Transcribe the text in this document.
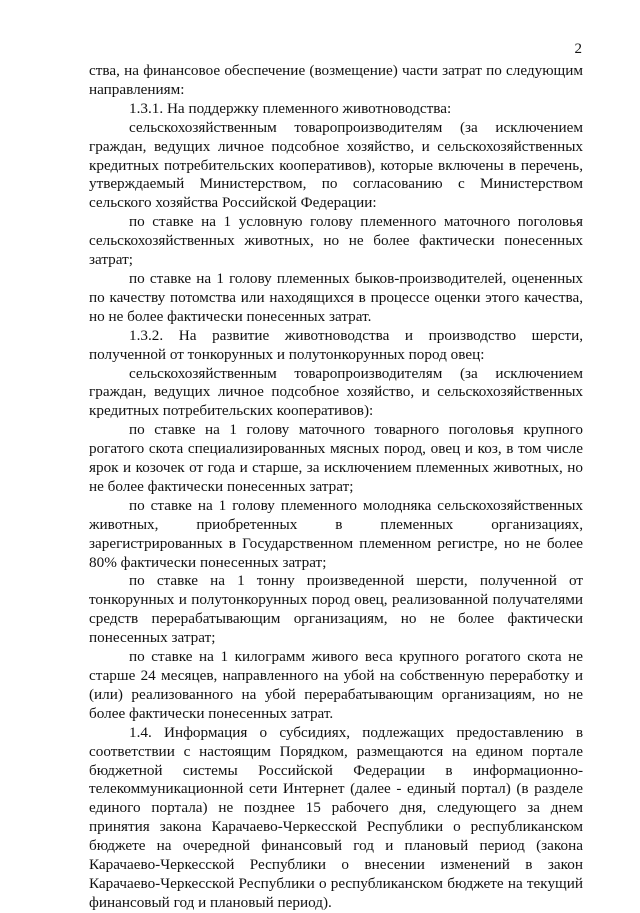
2

ства, на финансовое обеспечение (возмещение) части затрат по следующим направлениям:

1.3.1. На поддержку племенного животноводства:

сельскохозяйственным товаропроизводителям (за исключением граждан, ведущих личное подсобное хозяйство, и сельскохозяйственных кредитных потребительских кооперативов), которые включены в перечень, утверждаемый Министерством, по согласованию с Министерством сельского хозяйства Российской Федерации:

по ставке на 1 условную голову племенного маточного поголовья сельскохозяйственных животных, но не более фактически понесенных затрат;

по ставке на 1 голову племенных быков-производителей, оцененных по качеству потомства или находящихся в процессе оценки этого качества, но не более фактически понесенных затрат.

1.3.2. На развитие животноводства и производство шерсти, полученной от тонкорунных и полутонкорунных пород овец:

сельскохозяйственным товаропроизводителям (за исключением граждан, ведущих личное подсобное хозяйство, и сельскохозяйственных кредитных потребительских кооперативов):

по ставке на 1 голову маточного товарного поголовья крупного рогатого скота специализированных мясных пород, овец и коз, в том числе ярок и козочек от года и старше, за исключением племенных животных, но не более фактически понесенных затрат;

по ставке на 1 голову племенного молодняка сельскохозяйственных животных, приобретенных в племенных организациях, зарегистрированных в Государственном племенном регистре, но не более 80% фактически понесенных затрат;

по ставке на 1 тонну произведенной шерсти, полученной от тонкорунных и полутонкорунных пород овец, реализованной получателями средств перерабатывающим организациям, но не более фактически понесенных затрат;

по ставке на 1 килограмм живого веса крупного рогатого скота не старше 24 месяцев, направленного на убой на собственную переработку и (или) реализованного на убой перерабатывающим организациям, но не более фактически понесенных затрат.

1.4. Информация о субсидиях, подлежащих предоставлению в соответствии с настоящим Порядком, размещаются на едином портале бюджетной системы Российской Федерации в информационно-телекоммуникационной сети Интернет (далее - единый портал) (в разделе единого портала) не позднее 15 рабочего дня, следующего за днем принятия закона Карачаево-Черкесской Республики о республиканском бюджете на очередной финансовый год и плановый период (закона Карачаево-Черкесской Республики о внесении изменений в закон Карачаево-Черкесской Республики о республиканском бюджете на текущий финансовый год и плановый период).
